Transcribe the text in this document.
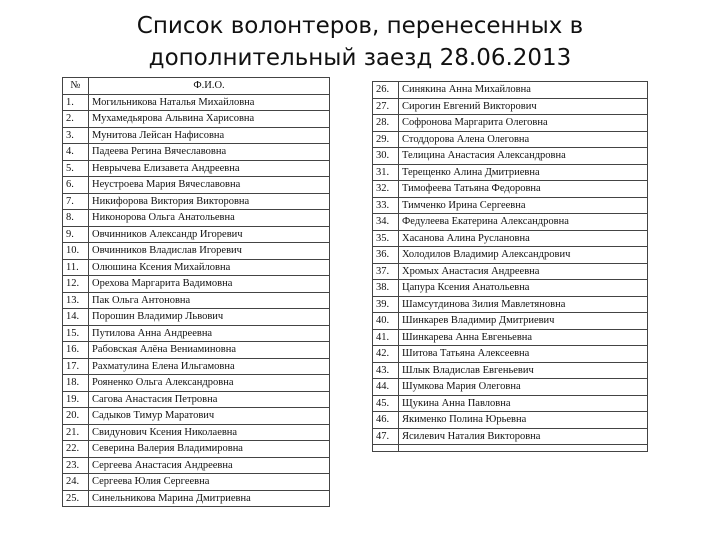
Список волонтеров, перенесенных в
дополнительный заезд 28.06.2013
№	Ф.И.О.
1.	Могильникова Наталья Михайловна
2.	Мухамедьярова Альвина Харисовна
3.	Мунитова Лейсан Нафисовна
4.	Падеева Регина Вячеславовна
5.	Неврычева Елизавета Андреевна
6.	Неустроева Мария Вячеславовна
7.	Никифорова Виктория Викторовна
8.	Никонорова Ольга Анатольевна
9.	Овчинников Александр Игоревич
10.	Овчинников Владислав Игоревич
11.	Олюшина Ксения Михайловна
12.	Орехова Маргарита Вадимовна
13.	Пак Ольга Антоновна
14.	Порошин Владимир Львович
15.	Путилова Анна Андреевна
16.	Рабовская Алёна Вениаминовна
17.	Рахматулина Елена Ильгамовна
18.	Рояненко Ольга Александровна
19.	Сагова Анастасия Петровна
20.	Садыков Тимур Маратович
21.	Свидунович Ксения Николаевна
22.	Северина Валерия Владимировна
23.	Сергеева Анастасия Андреевна
24.	Сергеева Юлия Сергеевна
25.	Синельникова Марина Дмитриевна
26.	Синякина Анна Михайловна
27.	Сирогин Евгений Викторович
28.	Софронова Маргарита Олеговна
29.	Стоддорова Алена Олеговна
30.	Телицина Анастасия Александровна
31.	Терещенко Алина Дмитриевна
32.	Тимофеева Татьяна Федоровна
33.	Тимченко Ирина Сергеевна
34.	Федулеева Екатерина Александровна
35.	Хасанова Алина Руслановна
36.	Холодилов Владимир Александрович
37.	Хромых Анастасия Андреевна
38.	Цапура Ксения Анатольевна
39.	Шамсутдинова Зилия Мавлетяновна
40.	Шинкарев Владимир Дмитриевич
41.	Шинкарева Анна Евгеньевна
42.	Шитова Татьяна Алексеевна
43.	Шлык Владислав Евгеньевич
44.	Шумкова Мария Олеговна
45.	Щукина Анна Павловна
46.	Якименко Полина Юрьевна
47.	Ясилевич Наталия Викторовна
